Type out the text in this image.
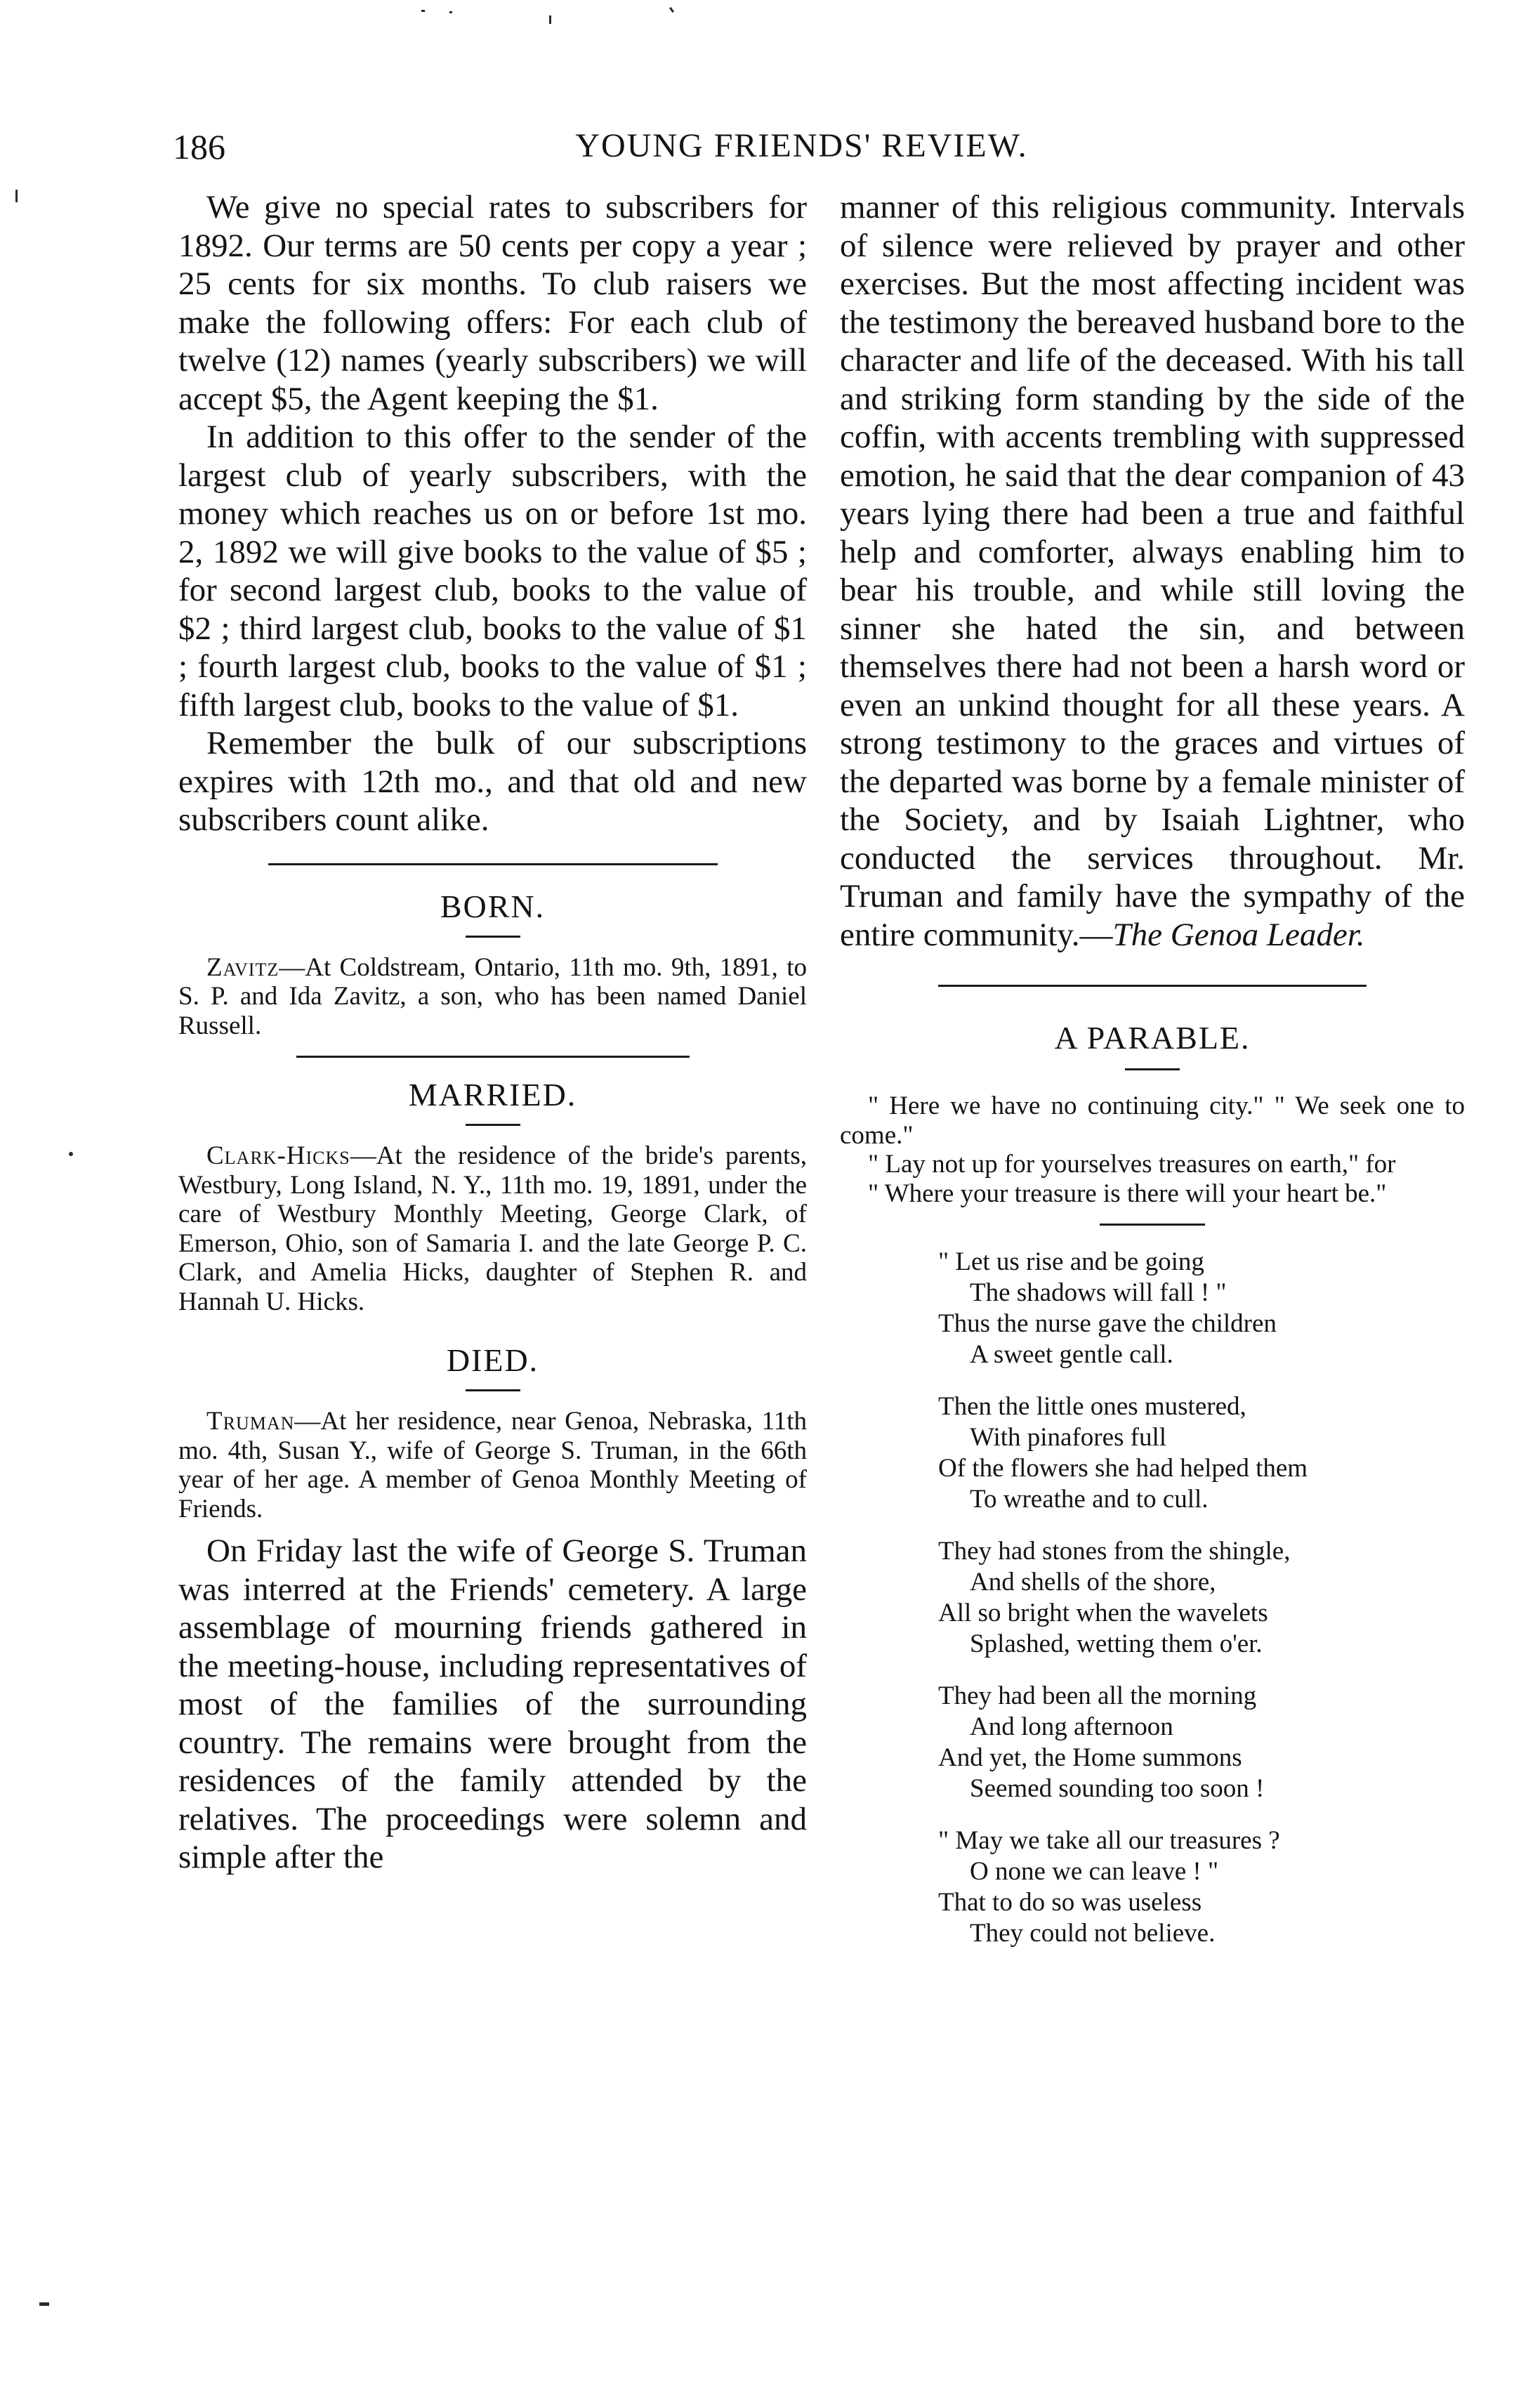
186	YOUNG FRIENDS' REVIEW.

We give no special rates to subscribers for 1892. Our terms are 50 cents per copy a year ; 25 cents for six months. To club raisers we make the following offers: For each club of twelve (12) names (yearly subscribers) we will accept $5, the Agent keeping the $1.

In addition to this offer to the sender of the largest club of yearly subscribers, with the money which reaches us on or before 1st mo. 2, 1892 we will give books to the value of $5 ; for second largest club, books to the value of $2 ; third largest club, books to the value of $1 ; fourth largest club, books to the value of $1 ; fifth largest club, books to the value of $1.

Remember the bulk of our subscriptions expires with 12th mo., and that old and new subscribers count alike.

BORN.

Zavitz—At Coldstream, Ontario, 11th mo. 9th, 1891, to S. P. and Ida Zavitz, a son, who has been named Daniel Russell.

MARRIED.

Clark-Hicks—At the residence of the bride's parents, Westbury, Long Island, N. Y., 11th mo. 19, 1891, under the care of Westbury Monthly Meeting, George Clark, of Emerson, Ohio, son of Samaria I. and the late George P. C. Clark, and Amelia Hicks, daughter of Stephen R. and Hannah U. Hicks.

DIED.

Truman—At her residence, near Genoa, Nebraska, 11th mo. 4th, Susan Y., wife of George S. Truman, in the 66th year of her age. A member of Genoa Monthly Meeting of Friends.

On Friday last the wife of George S. Truman was interred at the Friends' cemetery. A large assemblage of mourning friends gathered in the meeting-house, including representatives of most of the families of the surrounding country. The remains were brought from the residences of the family attended by the relatives. The proceedings were solemn and simple after the

manner of this religious community. Intervals of silence were relieved by prayer and other exercises. But the most affecting incident was the testimony the bereaved husband bore to the character and life of the deceased. With his tall and striking form standing by the side of the coffin, with accents trembling with suppressed emotion, he said that the dear companion of 43 years lying there had been a true and faithful help and comforter, always enabling him to bear his trouble, and while still loving the sinner she hated the sin, and between themselves there had not been a harsh word or even an unkind thought for all these years. A strong testimony to the graces and virtues of the departed was borne by a female minister of the Society, and by Isaiah Lightner, who conducted the services throughout. Mr. Truman and family have the sympathy of the entire community.—The Genoa Leader.

A PARABLE.

" Here we have no continuing city." " We seek one to come."

" Lay not up for yourselves treasures on earth," for

" Where your treasure is there will your heart be."

" Let us rise and be going
The shadows will fall ! "
Thus the nurse gave the children
A sweet gentle call.
Then the little ones mustered,
With pinafores full
Of the flowers she had helped them
To wreathe and to cull.
They had stones from the shingle,
And shells of the shore,
All so bright when the wavelets
Splashed, wetting them o'er.
They had been all the morning
And long afternoon
And yet, the Home summons
Seemed sounding too soon !
" May we take all our treasures ?
O none we can leave ! "
That to do so was useless
They could not believe.
